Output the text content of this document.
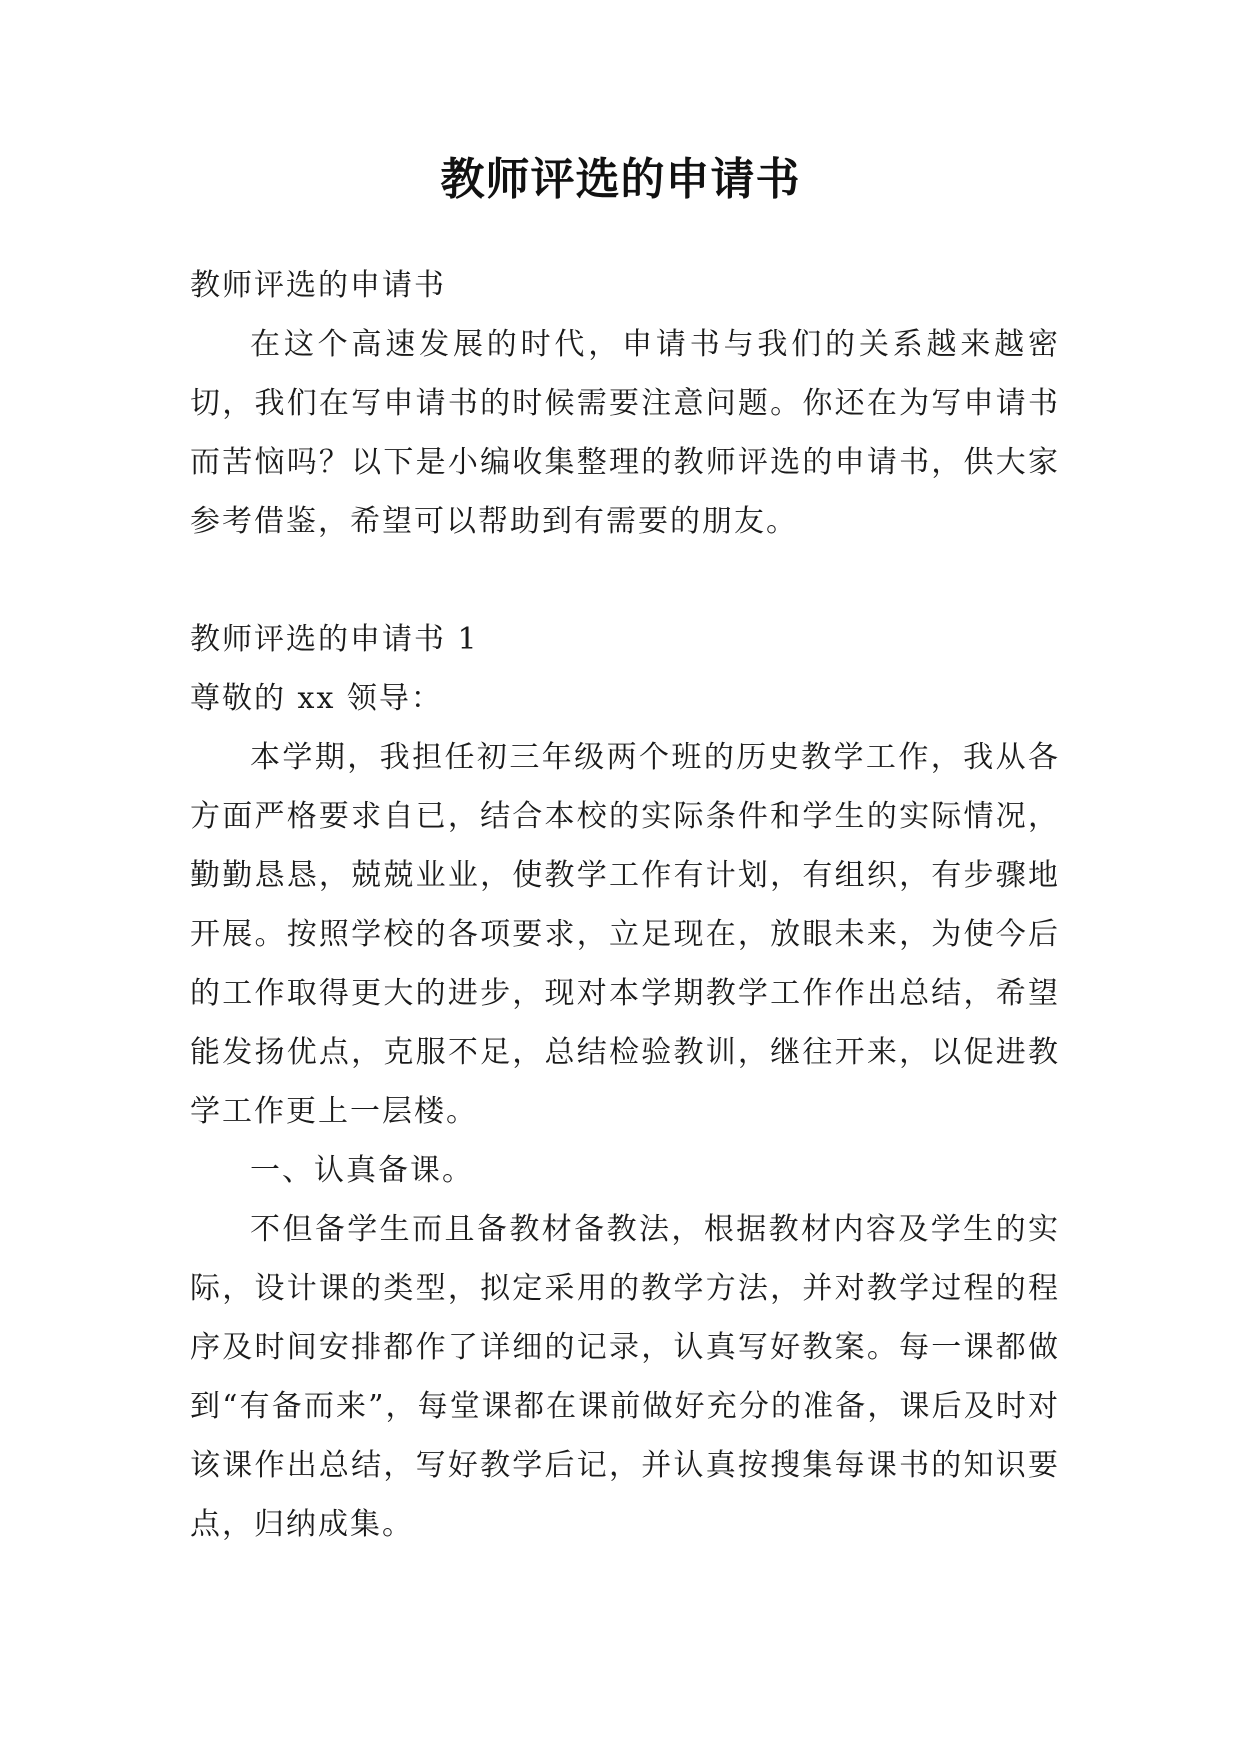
教师评选的申请书

教师评选的申请书

在这个高速发展的时代，申请书与我们的关系越来越密切，我们在写申请书的时候需要注意问题。你还在为写申请书而苦恼吗？以下是小编收集整理的教师评选的申请书，供大家参考借鉴，希望可以帮助到有需要的朋友。

教师评选的申请书 1

尊敬的 xx 领导：

本学期，我担任初三年级两个班的历史教学工作，我从各方面严格要求自已，结合本校的实际条件和学生的实际情况，勤勤恳恳，兢兢业业，使教学工作有计划，有组织，有步骤地开展。按照学校的各项要求，立足现在，放眼未来，为使今后的工作取得更大的进步，现对本学期教学工作作出总结，希望能发扬优点，克服不足，总结检验教训，继往开来，以促进教学工作更上一层楼。

一、认真备课。

不但备学生而且备教材备教法，根据教材内容及学生的实际，设计课的类型，拟定采用的教学方法，并对教学过程的程序及时间安排都作了详细的记录，认真写好教案。每一课都做到“有备而来”，每堂课都在课前做好充分的准备，课后及时对该课作出总结，写好教学后记，并认真按搜集每课书的知识要点，归纳成集。
